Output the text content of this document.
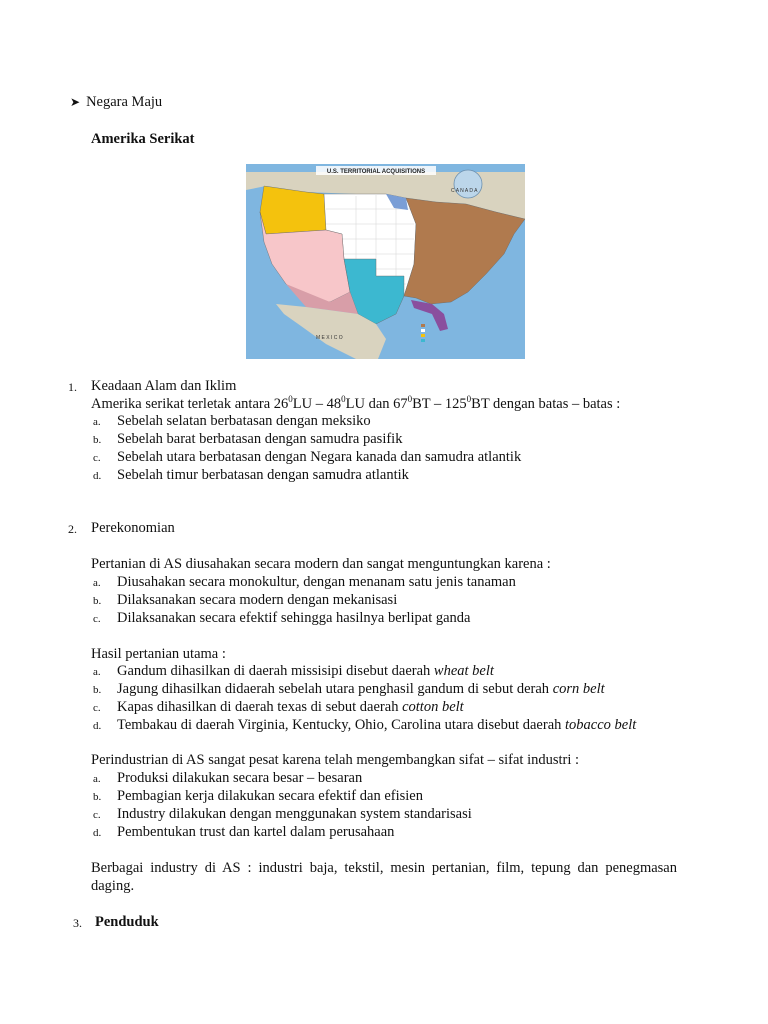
➤ Negara Maju
Amerika Serikat
U.S. TERRITORIAL ACQUISITIONS
C A N A D A
M E X I C O
1. Keadaan Alam dan Iklim
Amerika serikat terletak antara $26^0LU - 48^0LU$ dan $67^0BT - 125^0BT$ dengan batas – batas :
a. Sebelah selatan berbatasan dengan meksiko
b. Sebelah barat berbatasan dengan samudra pasifik
c. Sebelah utara berbatasan dengan Negara kanada dan samudra atlantik
d. Sebelah timur berbatasan dengan samudra atlantik
2. Perekonomian
Pertanian di AS diusahakan secara modern dan sangat menguntungkan karena :
a. Diusahakan secara monokultur, dengan menanam satu jenis tanaman
b. Dilaksanakan secara modern dengan mekanisasi
c. Dilaksanakan secara efektif sehingga hasilnya berlipat ganda
Hasil pertanian utama :
a. Gandum dihasilkan di daerah missisipi disebut daerah wheat belt
b. Jagung dihasilkan didaerah sebelah utara penghasil gandum di sebut derah corn belt
c. Kapas dihasilkan di daerah texas di sebut daerah cotton belt
d. Tembakau di daerah Virginia, Kentucky, Ohio, Carolina utara disebut daerah tobacco belt
Perindustrian di AS sangat pesat karena telah mengembangkan sifat – sifat industri :
a. Produksi dilakukan secara besar – besaran
b. Pembagian kerja dilakukan secara efektif dan efisien
c. Industry dilakukan dengan menggunakan system standarisasi
d. Pembentukan trust dan kartel dalam perusahaan
Berbagai industry di AS : industri baja, tekstil, mesin pertanian, film, tepung dan penegmasan
daging.
3. Penduduk
